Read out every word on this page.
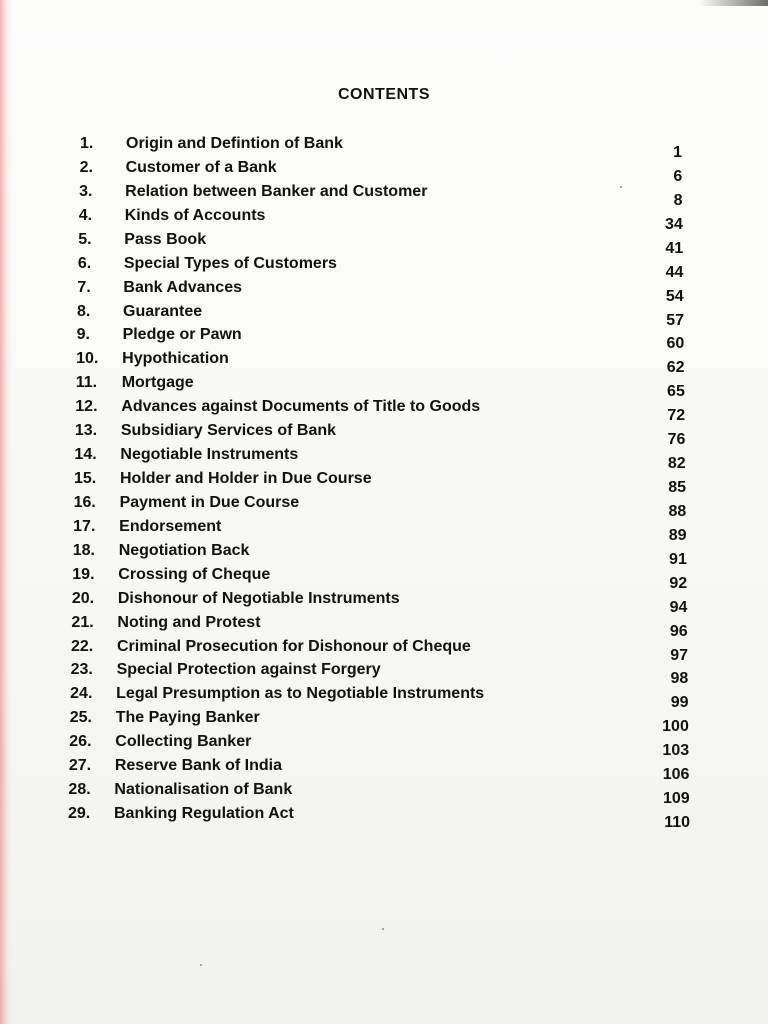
CONTENTS
1. Origin and Defintion of Bank
1
2. Customer of a Bank
6
3. Relation between Banker and Customer
8
4. Kinds of Accounts
34
5. Pass Book
41
6. Special Types of Customers
44
7. Bank Advances
54
8. Guarantee
57
9. Pledge or Pawn
60
10. Hypothication
62
11. Mortgage
65
12. Advances against Documents of Title to Goods
72
13. Subsidiary Services of Bank
76
14. Negotiable Instruments
82
15. Holder and Holder in Due Course
85
16. Payment in Due Course
88
17. Endorsement
89
18. Negotiation Back
91
19. Crossing of Cheque
92
20. Dishonour of Negotiable Instruments
94
21. Noting and Protest
96
22. Criminal Prosecution for Dishonour of Cheque
97
23. Special Protection against Forgery
98
24. Legal Presumption as to Negotiable Instruments
99
25. The Paying Banker
100
26. Collecting Banker
103
27. Reserve Bank of India
106
28. Nationalisation of Bank
109
29. Banking Regulation Act
110
